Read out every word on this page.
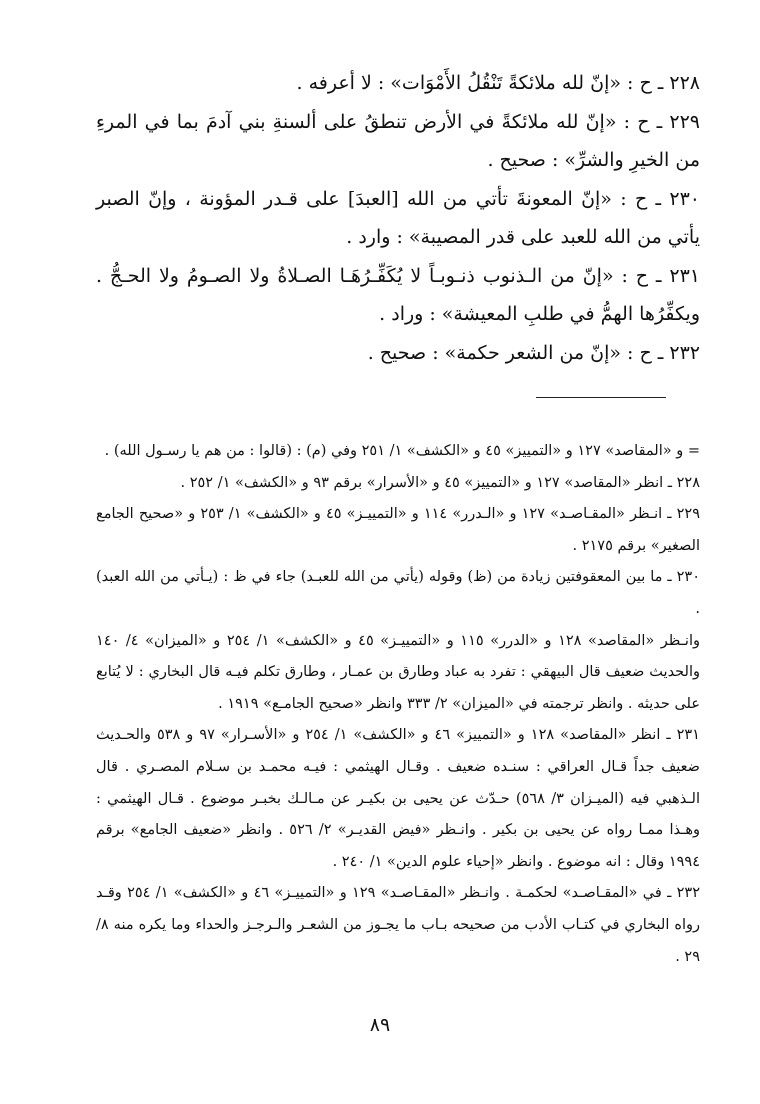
٢٢٨ ـ ح : «إنّ لله ملائكةً تَنْقُلُ الأَمْوَات» : لا أعرفه .

٢٢٩ ـ ح : «إنّ لله ملائكةً في الأرض تنطقُ على ألسنةِ بني آدمَ بما في المرءِ من الخيرِ والشرِّ» : صحيح .

٢٣٠ ـ ح : «إنّ المعونةَ تأتي من الله [العبدَ] على قـدر المؤونة ، وإنّ الصبر يأتي من الله للعبد على قدر المصيبة» : وارد .

٢٣١ ـ ح : «إنّ من الـذنوب ذنـوبـاً لا يُكَفِّـرُهَـا الصـلاةُ ولا الصـومُ ولا الحـجُّ . ويكفِّرُها الهمُّ في طلبِ المعيشة» : وراد .

٢٣٢ ـ ح : «إنّ من الشعر حكمة» : صحيح .

= و «المقاصد» ١٢٧ و «التمييز» ٤٥ و «الكشف» ١/ ٢٥١ وفي (م) : (قالوا : من هم يا رسـول الله) .

٢٢٨ ـ انظر «المقاصد» ١٢٧ و «التمييز» ٤٥ و «الأسرار» برقم ٩٣ و «الكشف» ١/ ٢٥٢ .

٢٢٩ ـ انـظر «المقـاصـد» ١٢٧ و «الـدرر» ١١٤ و «التمييـز» ٤٥ و «الكشف» ١/ ٢٥٣ و «صحيح الجامع الصغير» برقم ٢١٧٥ .

٢٣٠ ـ ما بين المعقوفتين زيادة من (ظ) وقوله (يأتي من الله للعبـد) جاء في ظ : (يـأتي من الله العبد) .

وانـظر «المقاصد» ١٢٨ و «الدرر» ١١٥ و «التمييـز» ٤٥ و «الكشف» ١/ ٢٥٤ و «الميزان» ٤/ ١٤٠ والحديث ضعيف قال البيهقي : تفرد به عباد وطارق بن عمـار ، وطارق تكلم فيـه قال البخاري : لا يُتابع على حديثه . وانظر ترجمته في «الميزان» ٢/ ٣٣٣ وانظر «صحيح الجامـع» ١٩١٩ .

٢٣١ ـ انظر «المقاصد» ١٢٨ و «التمييز» ٤٦ و «الكشف» ١/ ٢٥٤ و «الأسـرار» ٩٧ و ٥٣٨ والحـديث ضعيف جداً قـال العراقي : سنـده ضعيف . وقـال الهيثمي : فيـه محمـد بن سـلام المصـري . قال الـذهبي فيه (الميـزان ٣/ ٥٦٨) حـدّث عن يحيى بن بكيـر عن مـالـك بخبـر موضوع . قـال الهيثمي : وهـذا ممـا رواه عن يحيى بن بكير . وانـظر «فيض القديـر» ٢/ ٥٢٦ . وانظر «ضعيف الجامع» برقم ١٩٩٤ وقال : انه موضوع . وانظر «إحياء علوم الدين» ١/ ٢٤٠ .

٢٣٢ ـ في «المقـاصـد» لحكمـة . وانـظر «المقـاصـد» ١٢٩ و «التمييـز» ٤٦ و «الكشف» ١/ ٢٥٤ وقـد رواه البخاري في كتـاب الأدب من صحيحه بـاب ما يجـوز من الشعـر والـرجـز والحداء وما يكره منه ٨/ ٢٩ .

٨٩
